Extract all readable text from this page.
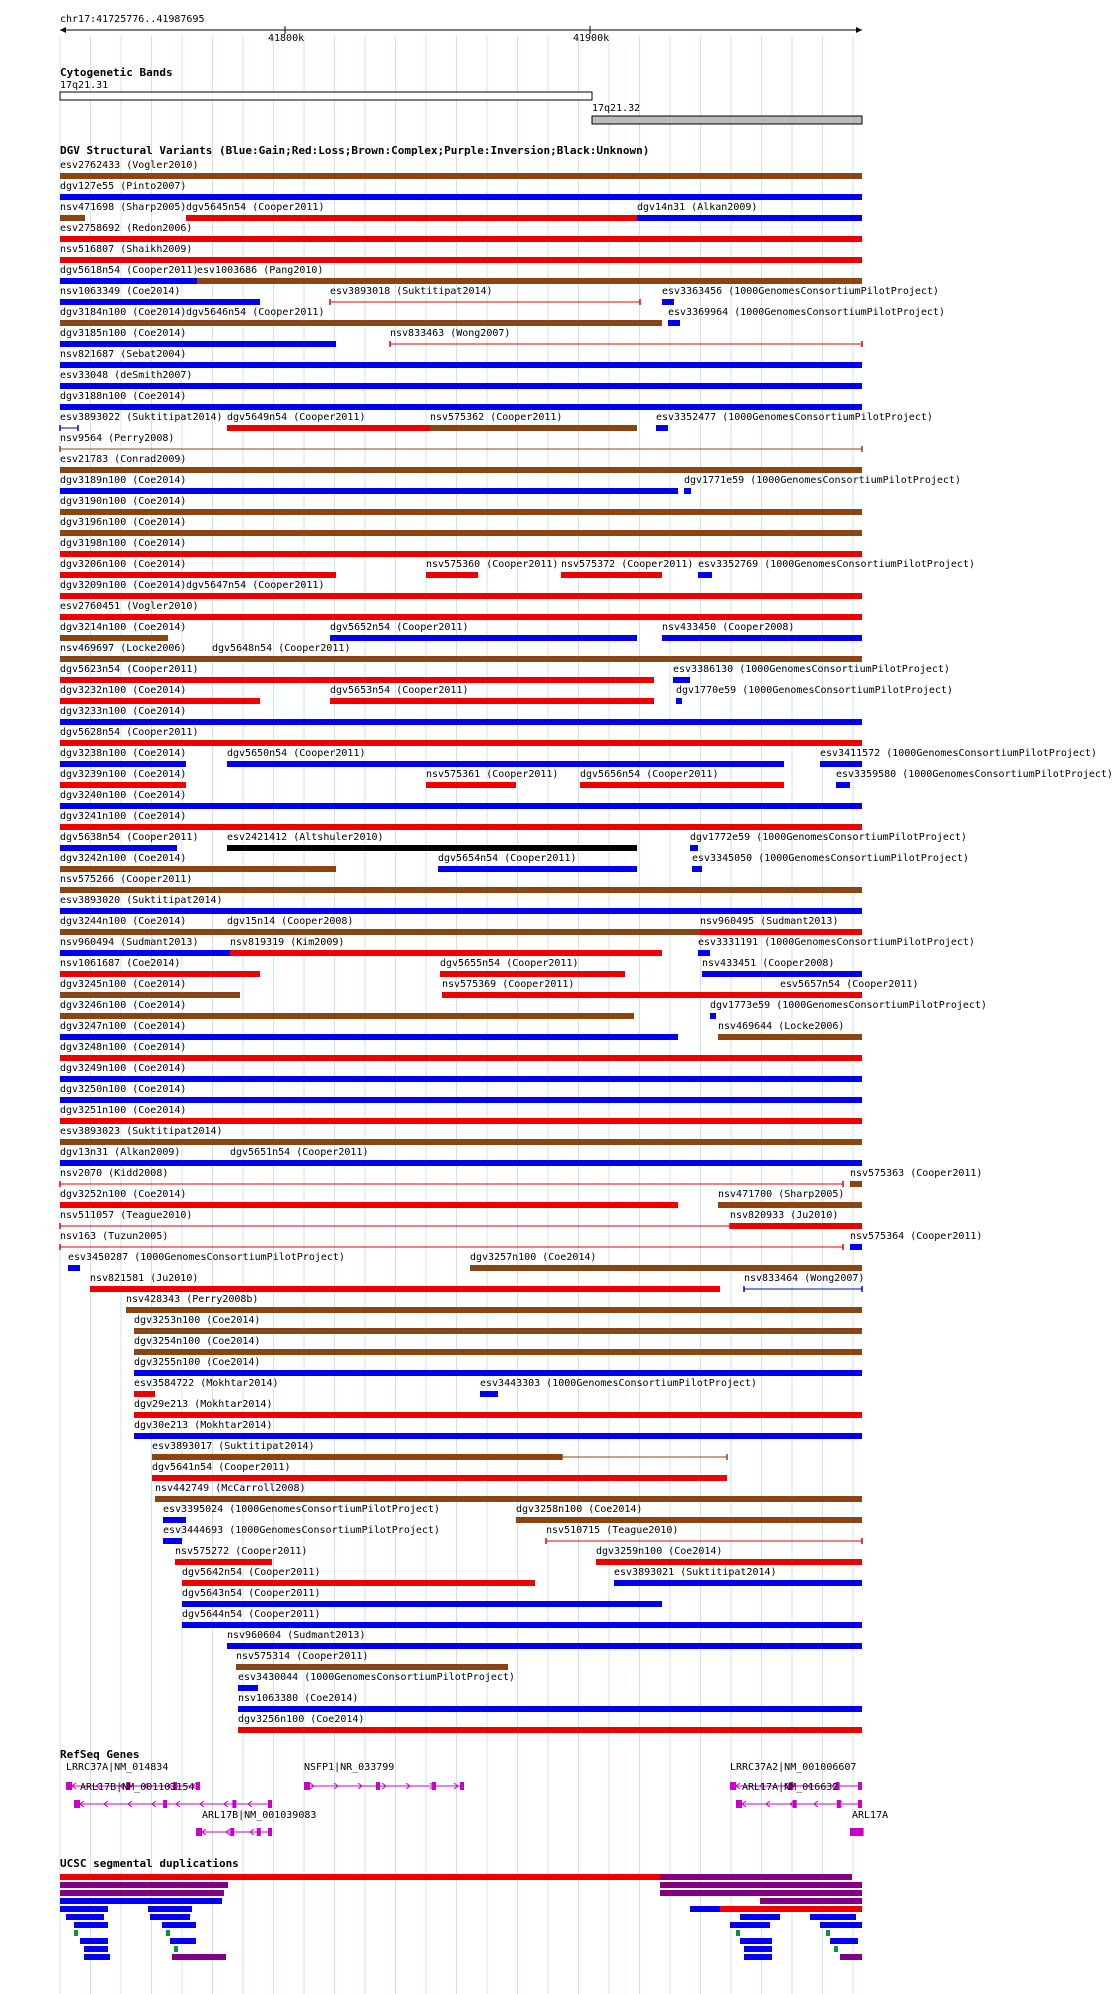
chr17:41725776..41987695
41800k	41900k
Cytogenetic Bands
17q21.31
17q21.32
DGV Structural Variants (Blue:Gain;Red:Loss;Brown:Complex;Purple:Inversion;Black:Unknown)
esv2762433 (Vogler2010)
dgv127e55 (Pinto2007)
nsv471698 (Sharp2005) dgv5645n54 (Cooper2011)	dgv14n31 (Alkan2009)
esv2758692 (Redon2006)
nsv516807 (Shaikh2009)
dgv5618n54 (Cooper2011)
esv1003686 (Pang2010)
nsv1063349 (Coe2014)	esv3893018 (Suktitipat2014)	esv3363456 (1000GenomesConsortiumPilotProject)
dgv3184n100 (Coe2014) dgv5646n54 (Cooper2011)	esv3369964 (1000GenomesConsortiumPilotProject)
dgv3185n100 (Coe2014)	nsv833463 (Wong2007)
nsv821687 (Sebat2004)
esv33048 (deSmith2007)
dgv3188n100 (Coe2014)
esv3893022 (Suktitipat2014) dgv5649n54 (Cooper2011)	nsv575362 (Cooper2011)	esv3352477 (1000GenomesConsortiumPilotProject)
nsv9564 (Perry2008)
esv21783 (Conrad2009)
dgv3189n100 (Coe2014)	dgv1771e59 (1000GenomesConsortiumPilotProject)
dgv3190n100 (Coe2014)
dgv3196n100 (Coe2014)
dgv3198n100 (Coe2014)
dgv3206n100 (Coe2014)	nsv575360 (Cooper2011) nsv575372 (Cooper2011) esv3352769 (1000GenomesConsortiumPilotProject)
dgv3209n100 (Coe2014) dgv5647n54 (Cooper2011)
esv2760451 (Vogler2010)
dgv3214n100 (Coe2014)	dgv5652n54 (Cooper2011)	nsv433450 (Cooper2008)
nsv469697 (Locke2006)	dgv5648n54 (Cooper2011)
dgv5623n54 (Cooper2011)	esv3386130 (1000GenomesConsortiumPilotProject)
dgv3232n100 (Coe2014)	dgv5653n54 (Cooper2011)	dgv1770e59 (1000GenomesConsortiumPilotProject)
dgv3233n100 (Coe2014)
dgv5628n54 (Cooper2011)
dgv3238n100 (Coe2014)	dgv5650n54 (Cooper2011)	esv3411572 (1000GenomesConsortiumPilotProject)
dgv3239n100 (Coe2014)	nsv575361 (Cooper2011) dgv5656n54 (Cooper2011)	esv3359580 (1000GenomesConsortiumPilotProject)
dgv3240n100 (Coe2014)
dgv3241n100 (Coe2014)
dgv5638n54 (Cooper2011)	esv2421412 (Altshuler2010)	dgv1772e59 (1000GenomesConsortiumPilotProject)
dgv3242n100 (Coe2014)	dgv5654n54 (Cooper2011)	esv3345050 (1000GenomesConsortiumPilotProject)
nsv575266 (Cooper2011)
esv3893020 (Suktitipat2014)
dgv3244n100 (Coe2014)	dgv15n14 (Cooper2008)	nsv960495 (Sudmant2013)
nsv960494 (Sudmant2013)	nsv819319 (Kim2009)	esv3331191 (1000GenomesConsortiumPilotProject)
nsv1061687 (Coe2014)	dgv5655n54 (Cooper2011)	nsv433451 (Cooper2008)
dgv3245n100 (Coe2014)	nsv575369 (Cooper2011)	esv5657n54 (Cooper2011)
dgv3246n100 (Coe2014)	dgv1773e59 (1000GenomesConsortiumPilotProject)
dgv3247n100 (Coe2014)	nsv469644 (Locke2006)
dgv3248n100 (Coe2014)
dgv3249n100 (Coe2014)
dgv3250n100 (Coe2014)
dgv3251n100 (Coe2014)
esv3893023 (Suktitipat2014)
dgv13n31 (Alkan2009)	dgv5651n54 (Cooper2011)
nsv2070 (Kidd2008)	nsv575363 (Cooper2011)
dgv3252n100 (Coe2014)	nsv471700 (Sharp2005)
nsv511057 (Teague2010)	nsv820933 (Ju2010)
nsv163 (Tuzun2005)	nsv575364 (Cooper2011)
esv3450287 (1000GenomesConsortiumPilotProject)	dgv3257n100 (Coe2014)
nsv821581 (Ju2010)	nsv833464 (Wong2007)
nsv428343 (Perry2008b)
dgv3253n100 (Coe2014)
dgv3254n100 (Coe2014)
dgv3255n100 (Coe2014)
esv3584722 (Mokhtar2014)	esv3443303 (1000GenomesConsortiumPilotProject)
dgv29e213 (Mokhtar2014)
dgv30e213 (Mokhtar2014)
esv3893017 (Suktitipat2014)
dgv5641n54 (Cooper2011)
nsv442749 (McCarroll2008)
esv3395024 (1000GenomesConsortiumPilotProject)	dgv3258n100 (Coe2014)
esv3444693 (1000GenomesConsortiumPilotProject)	nsv510715 (Teague2010)
nsv575272 (Cooper2011)	dgv3259n100 (Coe2014)
dgv5642n54 (Cooper2011)	esv3893021 (Suktitipat2014)
dgv5643n54 (Cooper2011)
dgv5644n54 (Cooper2011)
nsv960604 (Sudmant2013)
nsv575314 (Cooper2011)
esv3430044 (1000GenomesConsortiumPilotProject)
nsv1063380 (Coe2014)
dgv3256n100 (Coe2014)
RefSeq Genes
LRRC37A|NM_014834
ARL17B|NM_001103154
ARL17B|NM_001039083
NSFP1|NR_033799	LRRC37A2|NM_001006607
ARL17A|NM_016632
ARL17A
UCSC segmental duplications
